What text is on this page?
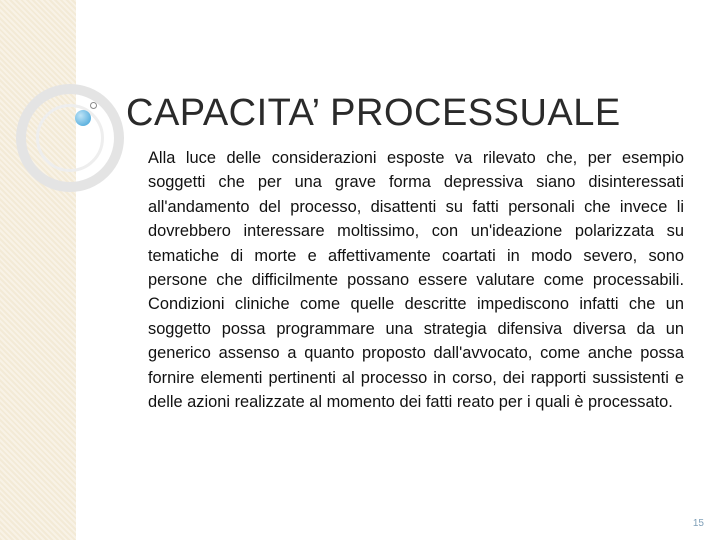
CAPACITA’ PROCESSUALE

Alla luce delle considerazioni esposte va rilevato che, per esempio soggetti che per una grave forma depressiva siano disinteressati all'andamento del processo, disattenti su fatti personali che invece li dovrebbero interessare moltissimo, con un'ideazione polarizzata su tematiche di morte e affettivamente coartati in modo severo, sono persone che difficilmente possano essere valutare come processabili. Condizioni cliniche come quelle descritte impediscono infatti che un soggetto possa programmare una strategia difensiva diversa da un generico assenso a quanto proposto dall'avvocato, come anche possa fornire elementi pertinenti al processo in corso, dei rapporti sussistenti e delle azioni realizzate al momento dei fatti reato per i quali è processato.

15
